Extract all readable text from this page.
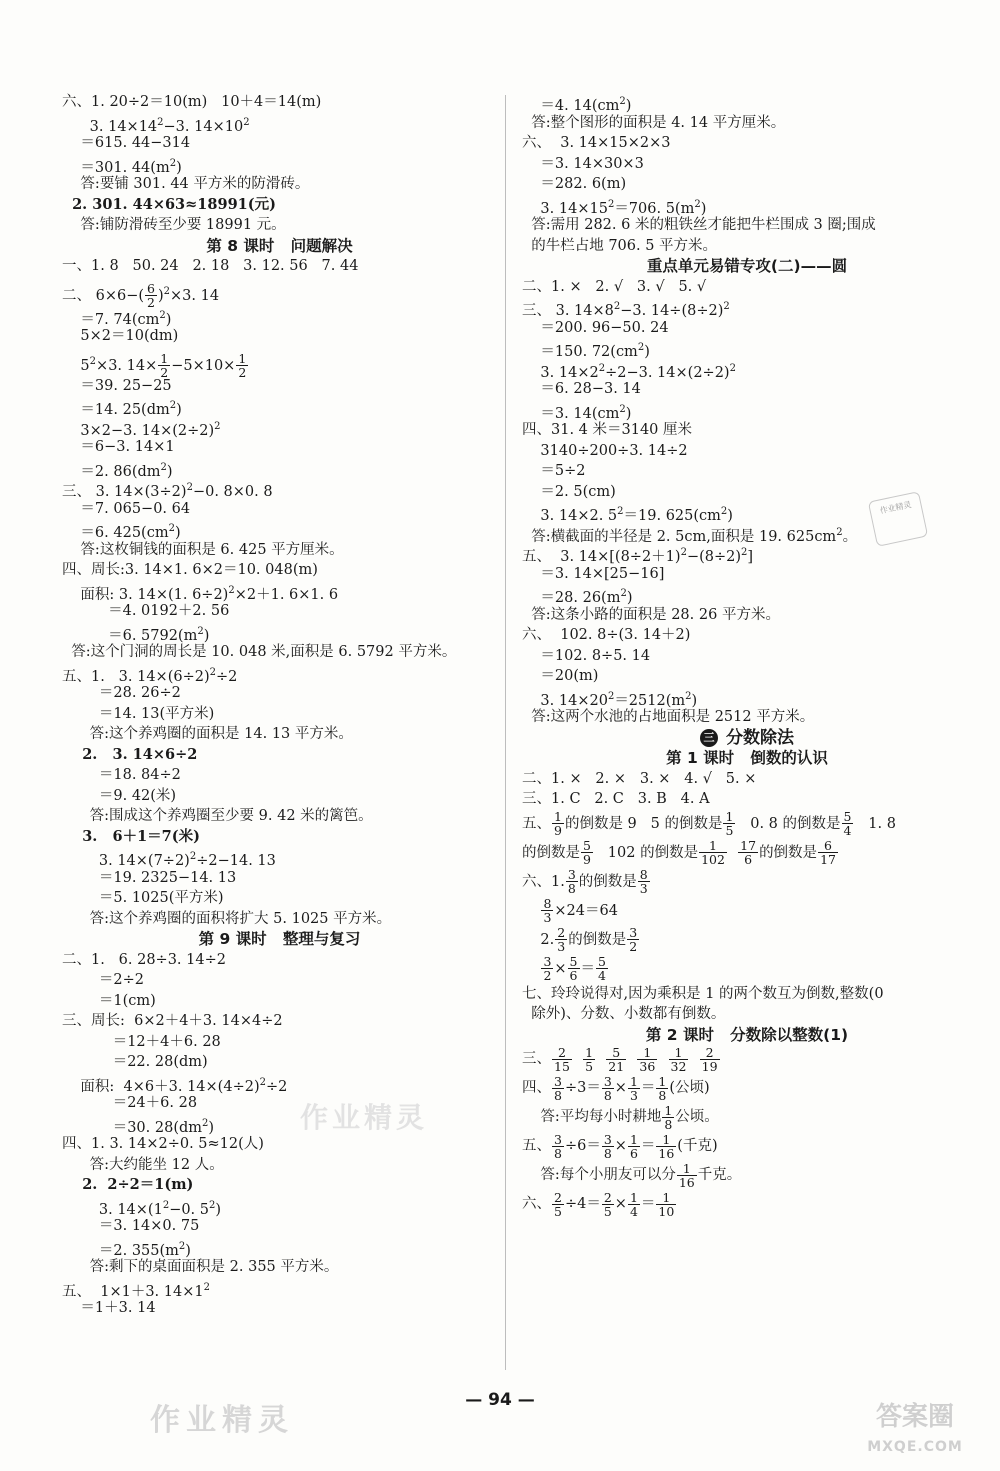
六、1. 20÷2＝10(m)   10＋4＝14(m)
3. $14\times 14^2-3$. $14\times 10^2$
＝615. 44−314
＝301. $44(m^2)$
答:要铺 301. 44 平方米的防滑砖。
2. 301. 44×63≈18991(元)
答:铺防滑砖至少要 18991 元。
第 8 课时   问题解决
一、1. 8   50. 24   2. 18   3. 12. 56   7. 44
二、 $6\times 6-( \frac{6}{2} )^2\times 3$. 14
＝7. $74(cm^2)$
5×2＝10(dm)
$5^2\times 3$. $14\times \frac{1}{2} -5\times 10\times \frac{1}{2}$
＝39. 25−25
＝14. $25(dm^2)$
3×2−3. $14\times(2\div 2)^2$
＝6−3. 14×1
＝2. $86(dm^2)$
三、 3. $14\times(3\div 2)^2-0$. 8×0. 8
＝7. 065−0. 64
＝6. $425(cm^2)$
答:这枚铜钱的面积是 6. 425 平方厘米。
四、周长:3. 14×1. 6×2＝10. 048(m)
面积: 3. 14×(1. 6÷2)$^2$×2＋1. 6×1. 6
＝4. 0192＋2. 56
＝6. $5792(m^2)$
答:这个门洞的周长是 10. 048 米,面积是 6. 5792 平方米。
五、1.   3. $14\times(6\div 2)^2\div 2$
＝28. 26÷2
＝14. 13(平方米)
答:这个养鸡圈的面积是 14. 13 平方米。
2.   3. 14×6÷2
＝18. 84÷2
＝9. 42(米)
答:围成这个养鸡圈至少要 9. 42 米的篱笆。
3.   6＋1＝7(米)
3. $14\times(7\div 2)^2\div 2-14$. 13
＝19. 2325−14. 13
＝5. 1025(平方米)
答:这个养鸡圈的面积将扩大 5. 1025 平方米。
第 9 课时   整理与复习
二、1.   6. 28÷3. 14÷2
＝2÷2
＝1(cm)
三、周长:  6×2＋4＋3. 14×4÷2
＝12＋4＋6. 28
＝22. 28(dm)
面积:  4×6＋3. $14\times(4\div 2)^2\div 2$
＝24＋6. 28
＝30. $28(dm^2)$
四、1. 3. 14×2÷0. 5≈12(人)
答:大约能坐 12 人。
2.  2÷2＝1(m)
3. $14\times(1^2-0$. $5^2$)
＝3. 14×0. 75
＝2. $355(m^2)$
答:剩下的桌面面积是 2. 355 平方米。
五、  1×1＋3. $14\times 1^2$
＝1＋3. 14
＝4. $14(cm^2)$
答:整个图形的面积是 4. 14 平方厘米。
六、  3. 14×15×2×3
＝3. 14×30×3
＝282. 6(m)
3. $14\times 15^2=706$. $5(m^2)$
答:需用 282. 6 米的粗铁丝才能把牛栏围成 3 圈;围成
的牛栏占地 706. 5 平方米。
重点单元易错专攻(二)——圆
二、1. ×   2. √   3. √   5. √
三、 3. $14\times 8^2-3$. $14\div(8\div 2)^2$
＝200. 96−50. 24
＝150. $72(cm^2)$
3. $14\times 2^2\div 2-3$. $14\times(2\div 2)^2$
＝6. 28−3. 14
＝3. $14(cm^2)$
四、31. 4 米＝3140 厘米
3140÷200÷3. 14÷2
＝5÷2
＝2. 5(cm)
3. 14×2. $5^2=19$. $625(cm^2)$
答:横截面的半径是 2. 5cm,面积是 19. $625cm^2$。
五、  3. $14\times[(8\div 2+1)^2-(8\div 2)^2]$
＝3. 14×[25−16]
＝28. $26(m^2)$
答:这条小路的面积是 28. 26 平方米。
六、  102. 8÷(3. 14＋2)
＝102. 8÷5. 14
＝20(m)
3. $14\times 20^2=2512(m^2)$
答:这两个水池的占地面积是 2512 平方米。
三 分数除法
第 1 课时   倒数的认识
二、1. ×   2. ×   3. ×   4. √   5. ×
三、1. C   2. C   3. B   4. A
五、 $\frac{1}{9}$ 的倒数是 9   5 的倒数是 $\frac{1}{5} 0$. 8 的倒数是 $\frac{5}{4} 1$. 8
的倒数是 $\frac{5}{9} 102$ 的倒数是 $\frac{1}{102}$
$\frac{17}{6}$ 的倒数是 $\frac{6}{17}$
六、1. $\frac{3}{8}$ 的倒数是 $\frac{8}{3}$

$\frac{8}{3} \times 24=64$
2. $\frac{2}{3}$ 的倒数是 $\frac{3}{2}$

$\frac{3}{2} \times \frac{5}{6} = \frac{5}{4}$
七、玲玲说得对,因为乘积是 1 的两个数互为倒数,整数(0
除外)、分数、小数都有倒数。
第 2 课时   分数除以整数(1)
三、 $\frac{2}{15}$
$\frac{1}{5}$
$\frac{5}{21}$
$\frac{1}{36}$
$\frac{1}{32}$
$\frac{2}{19}$
四、 $\frac{3}{8} \div 3= \frac{3}{8} \times \frac{1}{3} = \frac{1}{8}$ (公顷)
答:平均每小时耕地 $\frac{1}{8}$ 公顷。
五、 $\frac{3}{8} \div 6= \frac{3}{8} \times \frac{1}{6} = \frac{1}{16}$ (千克)
答:每个小朋友可以分 $\frac{1}{16}$ 千克。
六、 $\frac{2}{5} \div 4= \frac{2}{5} \times \frac{1}{4} = \frac{1}{10}$
作业精灵
作业精灵
作业精灵	答案圈
MXQE.COM
— 94 —
